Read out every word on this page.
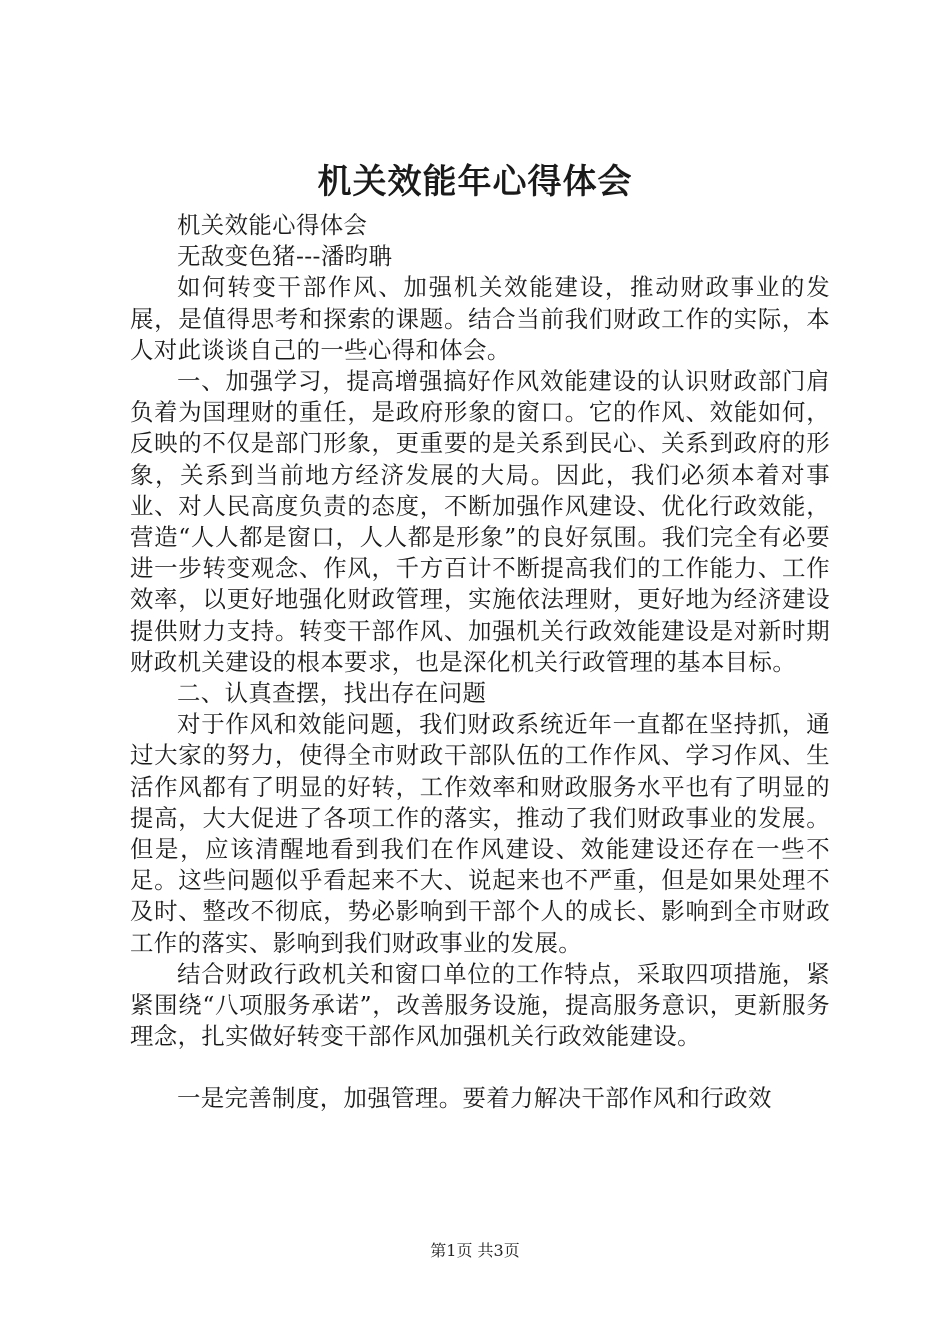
机关效能年心得体会

机关效能心得体会

无敌变色猪---潘昀聃

如何转变干部作风、加强机关效能建设，推动财政事业的发展，是值得思考和探索的课题。结合当前我们财政工作的实际，本人对此谈谈自己的一些心得和体会。

一、加强学习，提高增强搞好作风效能建设的认识财政部门肩负着为国理财的重任，是政府形象的窗口。它的作风、效能如何，反映的不仅是部门形象，更重要的是关系到民心、关系到政府的形象，关系到当前地方经济发展的大局。因此，我们必须本着对事业、对人民高度负责的态度，不断加强作风建设、优化行政效能，营造“人人都是窗口，人人都是形象”的良好氛围。我们完全有必要进一步转变观念、作风，千方百计不断提高我们的工作能力、工作效率，以更好地强化财政管理，实施依法理财，更好地为经济建设提供财力支持。转变干部作风、加强机关行政效能建设是对新时期财政机关建设的根本要求，也是深化机关行政管理的基本目标。

二、认真查摆，找出存在问题

对于作风和效能问题，我们财政系统近年一直都在坚持抓，通过大家的努力，使得全市财政干部队伍的工作作风、学习作风、生活作风都有了明显的好转，工作效率和财政服务水平也有了明显的提高，大大促进了各项工作的落实，推动了我们财政事业的发展。但是，应该清醒地看到我们在作风建设、效能建设还存在一些不足。这些问题似乎看起来不大、说起来也不严重，但是如果处理不及时、整改不彻底，势必影响到干部个人的成长、影响到全市财政工作的落实、影响到我们财政事业的发展。

结合财政行政机关和窗口单位的工作特点，采取四项措施，紧紧围绕“八项服务承诺”，改善服务设施，提高服务意识，更新服务理念，扎实做好转变干部作风加强机关行政效能建设。

一是完善制度，加强管理。要着力解决干部作风和行政效

第1页 共3页
